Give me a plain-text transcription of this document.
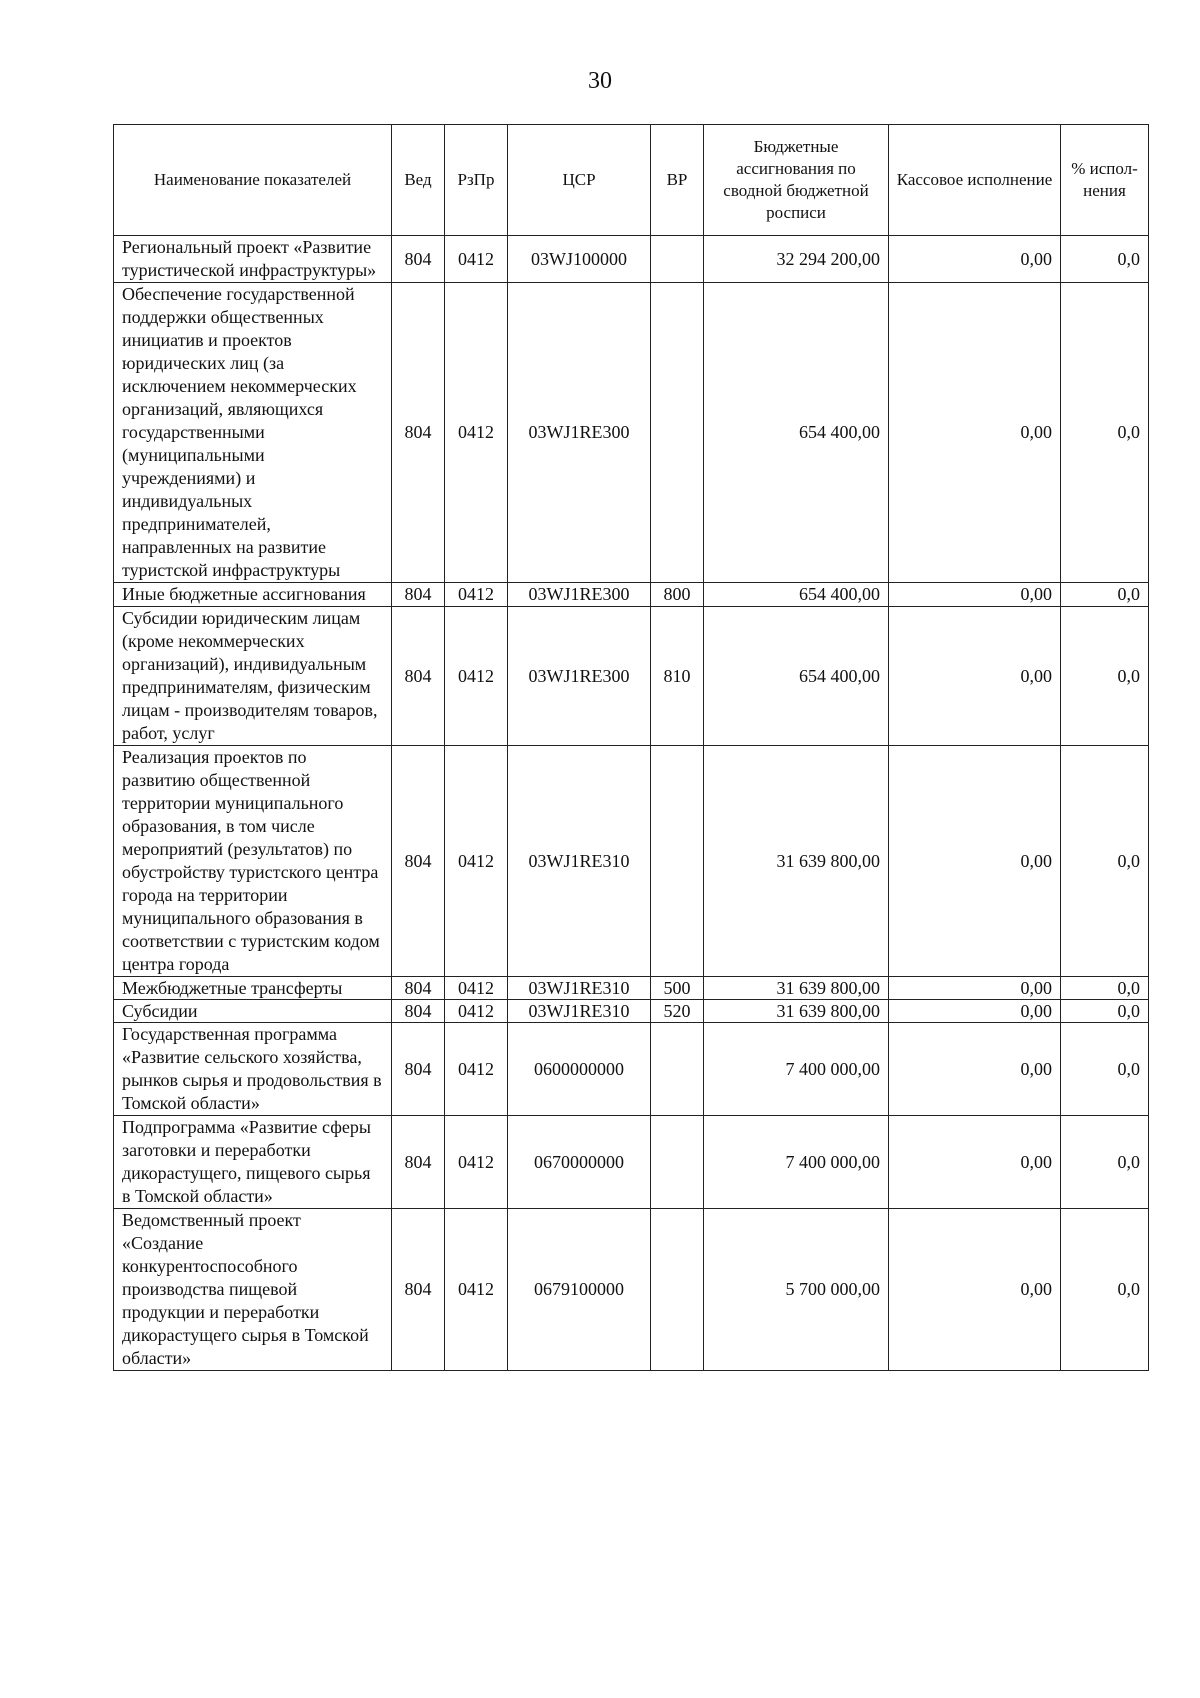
30
Наименование показателей	Вед	РзПр	ЦСР	ВР	Бюджетные ассигнования по сводной бюджетной росписи	Кассовое исполнение	% испол-нения
Региональный проект «Развитие туристической инфраструктуры»	804	0412	03WJ100000		32 294 200,00	0,00	0,0
Обеспечение государственной поддержки общественных инициатив и проектов юридических лиц (за исключением некоммерческих организаций, являющихся государственными (муниципальными учреждениями) и индивидуальных предпринимателей, направленных на развитие туристской инфраструктуры	804	0412	03WJ1RE300		654 400,00	0,00	0,0
Иные бюджетные ассигнования	804	0412	03WJ1RE300	800	654 400,00	0,00	0,0
Субсидии юридическим лицам (кроме некоммерческих организаций), индивидуальным предпринимателям, физическим лицам - производителям товаров, работ, услуг	804	0412	03WJ1RE300	810	654 400,00	0,00	0,0
Реализация проектов по развитию общественной территории муниципального образования, в том числе мероприятий (результатов) по обустройству туристского центра города на территории муниципального образования в соответствии с туристским кодом центра города	804	0412	03WJ1RE310		31 639 800,00	0,00	0,0
Межбюджетные трансферты	804	0412	03WJ1RE310	500	31 639 800,00	0,00	0,0
Субсидии	804	0412	03WJ1RE310	520	31 639 800,00	0,00	0,0
Государственная программа «Развитие сельского хозяйства, рынков сырья и продовольствия в Томской области»	804	0412	0600000000		7 400 000,00	0,00	0,0
Подпрограмма «Развитие сферы заготовки и переработки дикорастущего, пищевого сырья в Томской области»	804	0412	0670000000		7 400 000,00	0,00	0,0
Ведомственный проект «Создание конкурентоспособного производства пищевой продукции и переработки дикорастущего сырья в Томской области»	804	0412	0679100000		5 700 000,00	0,00	0,0
